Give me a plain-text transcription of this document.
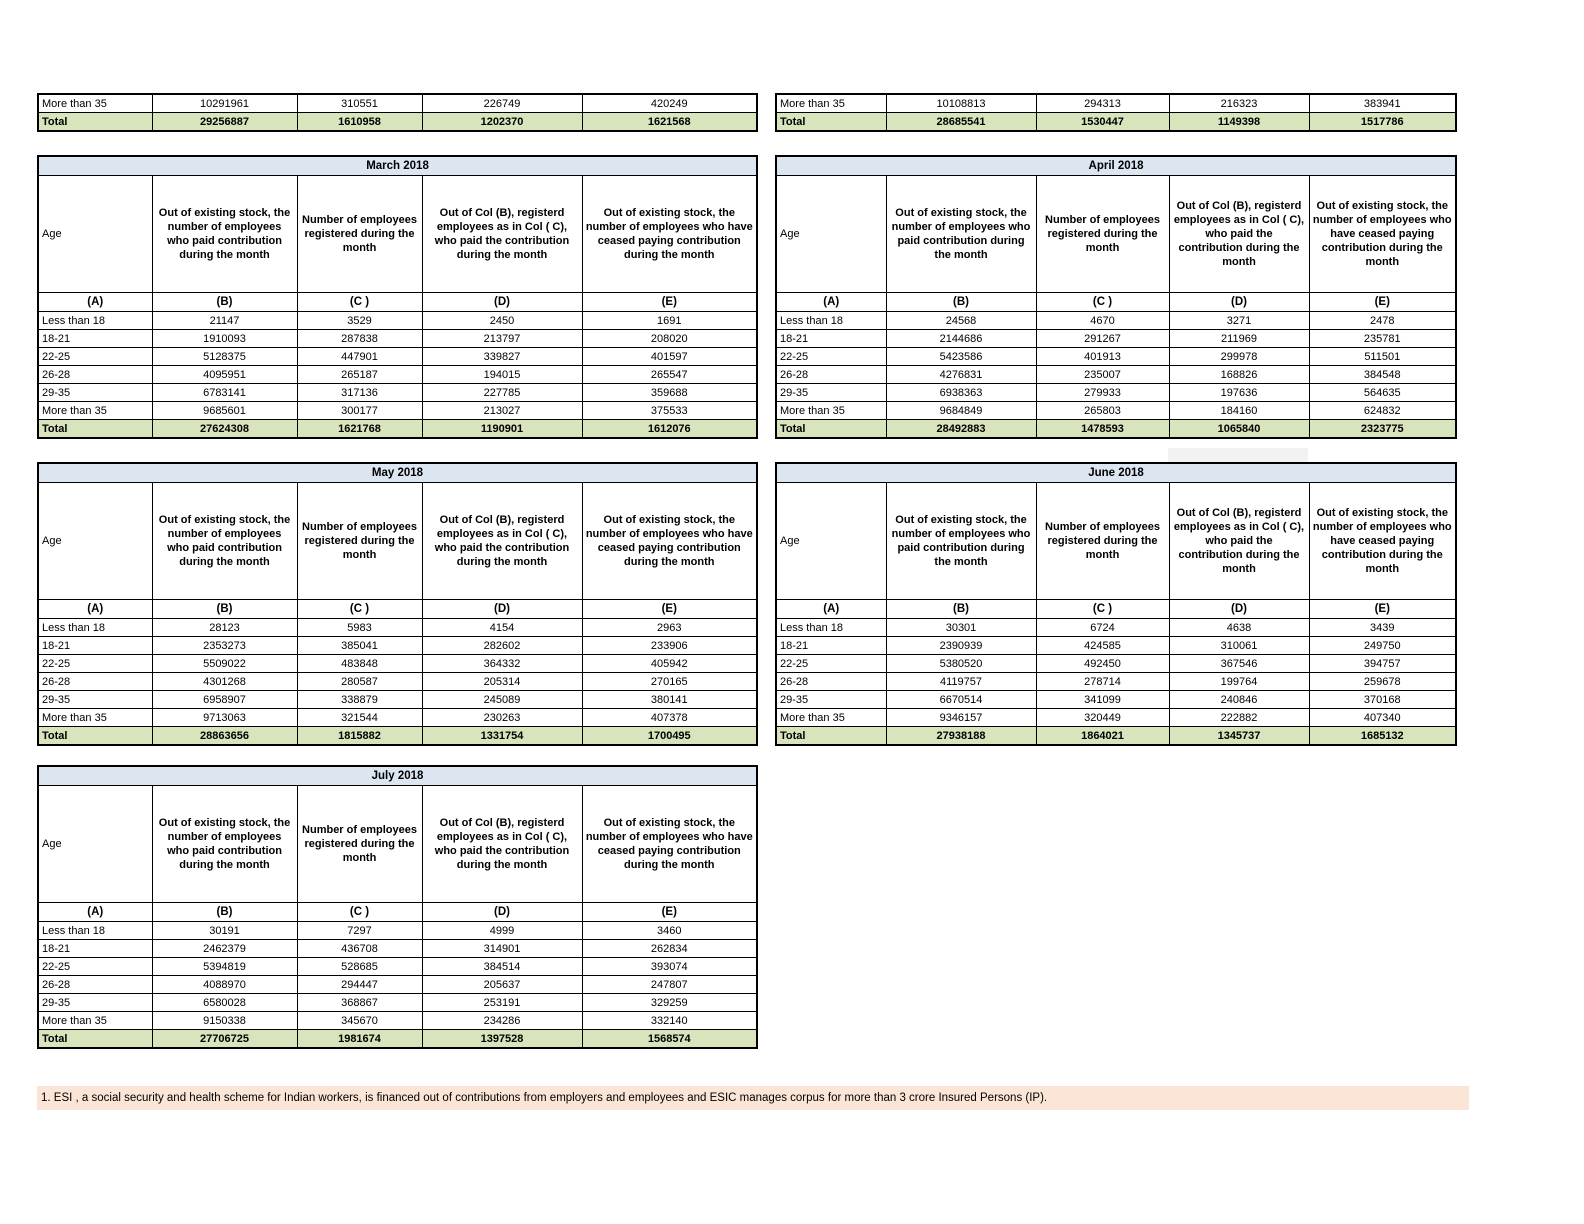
More than 35	10291961	310551	226749	420249
Total	29256887	1610958	1202370	1621568
More than 35	10108813	294313	216323	383941
Total	28685541	1530447	1149398	1517786
March 2018				
Age	Out of existing stock, the number of employees who paid contribution during the month	Number of employees registered during the month	Out of Col (B), registerd employees as in Col ( C), who paid the contribution during the month	Out of existing stock, the number of employees who have ceased paying contribution during the month
(A)	(B)	(C )	(D)	(E)
Less than 18	21147	3529	2450	1691
18-21	1910093	287838	213797	208020
22-25	5128375	447901	339827	401597
26-28	4095951	265187	194015	265547
29-35	6783141	317136	227785	359688
More than 35	9685601	300177	213027	375533
Total	27624308	1621768	1190901	1612076
April 2018				
Age	Out of existing stock, the number of employees who paid contribution during the month	Number of employees registered during the month	Out of Col (B), registerd employees as in Col ( C), who paid the contribution during the month	Out of existing stock, the number of employees who have ceased paying contribution during the month
(A)	(B)	(C )	(D)	(E)
Less than 18	24568	4670	3271	2478
18-21	2144686	291267	211969	235781
22-25	5423586	401913	299978	511501
26-28	4276831	235007	168826	384548
29-35	6938363	279933	197636	564635
More than 35	9684849	265803	184160	624832
Total	28492883	1478593	1065840	2323775
May 2018				
Age	Out of existing stock, the number of employees who paid contribution during the month	Number of employees registered during the month	Out of Col (B), registerd employees as in Col ( C), who paid the contribution during the month	Out of existing stock, the number of employees who have ceased paying contribution during the month
(A)	(B)	(C )	(D)	(E)
Less than 18	28123	5983	4154	2963
18-21	2353273	385041	282602	233906
22-25	5509022	483848	364332	405942
26-28	4301268	280587	205314	270165
29-35	6958907	338879	245089	380141
More than 35	9713063	321544	230263	407378
Total	28863656	1815882	1331754	1700495
June 2018				
Age	Out of existing stock, the number of employees who paid contribution during the month	Number of employees registered during the month	Out of Col (B), registerd employees as in Col ( C), who paid the contribution during the month	Out of existing stock, the number of employees who have ceased paying contribution during the month
(A)	(B)	(C )	(D)	(E)
Less than 18	30301	6724	4638	3439
18-21	2390939	424585	310061	249750
22-25	5380520	492450	367546	394757
26-28	4119757	278714	199764	259678
29-35	6670514	341099	240846	370168
More than 35	9346157	320449	222882	407340
Total	27938188	1864021	1345737	1685132
July 2018				
Age	Out of existing stock, the number of employees who paid contribution during the month	Number of employees registered during the month	Out of Col (B), registerd employees as in Col ( C), who paid the contribution during the month	Out of existing stock, the number of employees who have ceased paying contribution during the month
(A)	(B)	(C )	(D)	(E)
Less than 18	30191	7297	4999	3460
18-21	2462379	436708	314901	262834
22-25	5394819	528685	384514	393074
26-28	4088970	294447	205637	247807
29-35	6580028	368867	253191	329259
More than 35	9150338	345670	234286	332140
Total	27706725	1981674	1397528	1568574
1. ESI , a social security and health scheme for Indian workers, is financed out of contributions from employers and employees and ESIC manages corpus for more than 3 crore Insured Persons (IP).
